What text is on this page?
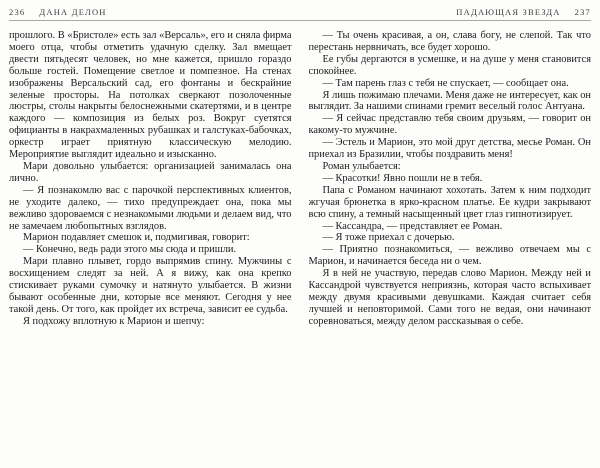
236 ДАНА ДЕЛОН	ПАДАЮЩАЯ ЗВЕЗДА 237

прошлого. В «Бристоле» есть зал «Версаль», его и сняла фирма моего отца, чтобы отметить удачную сделку. Зал вмещает двести пятьдесят человек, но мне кажется, пришло гораздо больше гостей. Помещение светлое и помпезное. На стенах изображены Версальский сад, его фонтаны и бескрайние зеленые просторы. На потолках сверкают позолоченные люстры, столы накрыты белоснежными скатертями, и в центре каждого — композиция из белых роз. Вокруг суетятся официанты в накрахмаленных рубашках и галстуках-бабочках, оркестр играет приятную классическую мелодию. Мероприятие выглядит идеально и изысканно.

Мари довольно улыбается: организацией занималась она лично.

— Я познакомлю вас с парочкой перспективных клиентов, не уходите далеко, — тихо предупреждает она, пока мы вежливо здороваемся с незнакомыми людьми и делаем вид, что не замечаем любопытных взглядов.

Марион подавляет смешок и, подмигивая, говорит:

— Конечно, ведь ради этого мы сюда и пришли.

Мари плавно плывет, гордо выпрямив спину. Мужчины с восхищением следят за ней. А я вижу, как она крепко стискивает руками сумочку и натянуто улыбается. В жизни бывают особенные дни, которые все меняют. Сегодня у нее такой день. От того, как пройдет их встреча, зависит ее судьба.

Я подхожу вплотную к Марион и шепчу:

— Ты очень красивая, а он, слава богу, не слепой. Так что перестань нервничать, все будет хорошо.

Ее губы дергаются в усмешке, и на душе у меня становится спокойнее.

— Там парень глаз с тебя не спускает, — сообщает она.

Я лишь пожимаю плечами. Меня даже не интересует, как он выглядит. За нашими спинами гремит веселый голос Антуана.

— Я сейчас представлю тебя своим друзьям, — говорит он какому-то мужчине.

— Эстель и Марион, это мой друг детства, месье Роман. Он приехал из Бразилии, чтобы поздравить меня!

Роман улыбается:

— Красотки! Явно пошли не в тебя.

Папа с Романом начинают хохотать. Затем к ним подходит жгучая брюнетка в ярко-красном платье. Ее кудри закрывают всю спину, а темный насыщенный цвет глаз гипнотизирует.

— Кассандра, — представляет ее Роман.

— Я тоже приехал с дочерью.

— Приятно познакомиться, — вежливо отвечаем мы с Марион, и начинается беседа ни о чем.

Я в ней не участвую, передав слово Марион. Между ней и Кассандрой чувствуется неприязнь, которая часто вспыхивает между двумя красивыми девушками. Каждая считает себя лучшей и неповторимой. Сами того не ведая, они начинают соревноваться, между делом рассказывая о себе.
